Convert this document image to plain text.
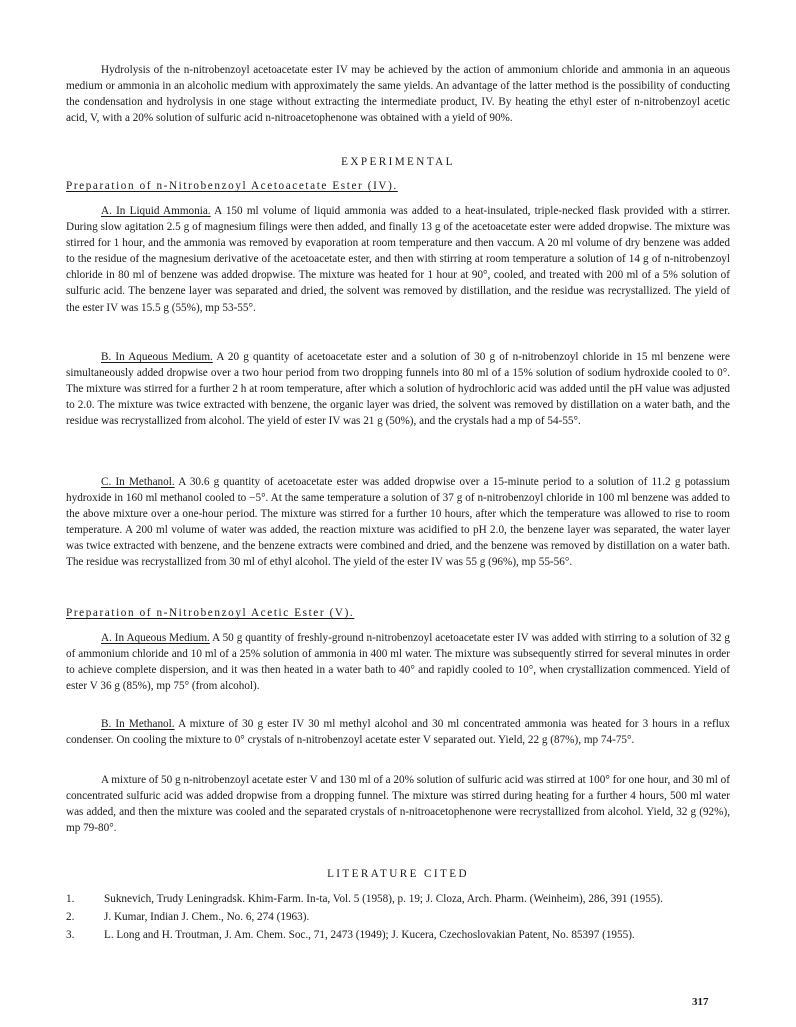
Hydrolysis of the n-nitrobenzoyl acetoacetate ester IV may be achieved by the action of ammonium chloride and ammonia in an aqueous medium or ammonia in an alcoholic medium with approximately the same yields. An advantage of the latter method is the possibility of conducting the condensation and hydrolysis in one stage without extracting the intermediate product, IV. By heating the ethyl ester of n-nitrobenzoyl acetic acid, V, with a 20% solution of sulfuric acid n-nitroacetophenone was obtained with a yield of 90%.

EXPERIMENTAL
Preparation of n-Nitrobenzoyl Acetoacetate Ester (IV).

A. In Liquid Ammonia. A 150 ml volume of liquid ammonia was added to a heat-insulated, triple-necked flask provided with a stirrer. During slow agitation 2.5 g of magnesium filings were then added, and finally 13 g of the acetoacetate ester were added dropwise. The mixture was stirred for 1 hour, and the ammonia was removed by evaporation at room temperature and then vaccum. A 20 ml volume of dry benzene was added to the residue of the magnesium derivative of the acetoacetate ester, and then with stirring at room temperature a solution of 14 g of n-nitrobenzoyl chloride in 80 ml of benzene was added dropwise. The mixture was heated for 1 hour at 90°, cooled, and treated with 200 ml of a 5% solution of sulfuric acid. The benzene layer was separated and dried, the solvent was removed by distillation, and the residue was recrystallized. The yield of the ester IV was 15.5 g (55%), mp 53-55°.

B. In Aqueous Medium. A 20 g quantity of acetoacetate ester and a solution of 30 g of n-nitrobenzoyl chloride in 15 ml benzene were simultaneously added dropwise over a two hour period from two dropping funnels into 80 ml of a 15% solution of sodium hydroxide cooled to 0°. The mixture was stirred for a further 2 h at room temperature, after which a solution of hydrochloric acid was added until the pH value was adjusted to 2.0. The mixture was twice extracted with benzene, the organic layer was dried, the solvent was removed by distillation on a water bath, and the residue was recrystallized from alcohol. The yield of ester IV was 21 g (50%), and the crystals had a mp of 54-55°.

C. In Methanol. A 30.6 g quantity of acetoacetate ester was added dropwise over a 15-minute period to a solution of 11.2 g potassium hydroxide in 160 ml methanol cooled to −5°. At the same temperature a solution of 37 g of n-nitrobenzoyl chloride in 100 ml benzene was added to the above mixture over a one-hour period. The mixture was stirred for a further 10 hours, after which the temperature was allowed to rise to room temperature. A 200 ml volume of water was added, the reaction mixture was acidified to pH 2.0, the benzene layer was separated, the water layer was twice extracted with benzene, and the benzene extracts were combined and dried, and the benzene was removed by distillation on a water bath. The residue was recrystallized from 30 ml of ethyl alcohol. The yield of the ester IV was 55 g (96%), mp 55-56°.

Preparation of n-Nitrobenzoyl Acetic Ester (V).

A. In Aqueous Medium. A 50 g quantity of freshly-ground n-nitrobenzoyl acetoacetate ester IV was added with stirring to a solution of 32 g of ammonium chloride and 10 ml of a 25% solution of ammonia in 400 ml water. The mixture was subsequently stirred for several minutes in order to achieve complete dispersion, and it was then heated in a water bath to 40° and rapidly cooled to 10°, when crystallization commenced. Yield of ester V 36 g (85%), mp 75° (from alcohol).

B. In Methanol. A mixture of 30 g ester IV 30 ml methyl alcohol and 30 ml concentrated ammonia was heated for 3 hours in a reflux condenser. On cooling the mixture to 0° crystals of n-nitrobenzoyl acetate ester V separated out. Yield, 22 g (87%), mp 74-75°.

A mixture of 50 g n-nitrobenzoyl acetate ester V and 130 ml of a 20% solution of sulfuric acid was stirred at 100° for one hour, and 30 ml of concentrated sulfuric acid was added dropwise from a dropping funnel. The mixture was stirred during heating for a further 4 hours, 500 ml water was added, and then the mixture was cooled and the separated crystals of n-nitroacetophenone were recrystallized from alcohol. Yield, 32 g (92%), mp 79-80°.

LITERATURE CITED
1.	Suknevich, Trudy Leningradsk. Khim-Farm. In-ta, Vol. 5 (1958), p. 19; J. Cloza, Arch. Pharm. (Weinheim), 286, 391 (1955).
2.	J. Kumar, Indian J. Chem., No. 6, 274 (1963).
3.	L. Long and H. Troutman, J. Am. Chem. Soc., 71, 2473 (1949); J. Kucera, Czechoslovakian Patent, No. 85397 (1955).
317
